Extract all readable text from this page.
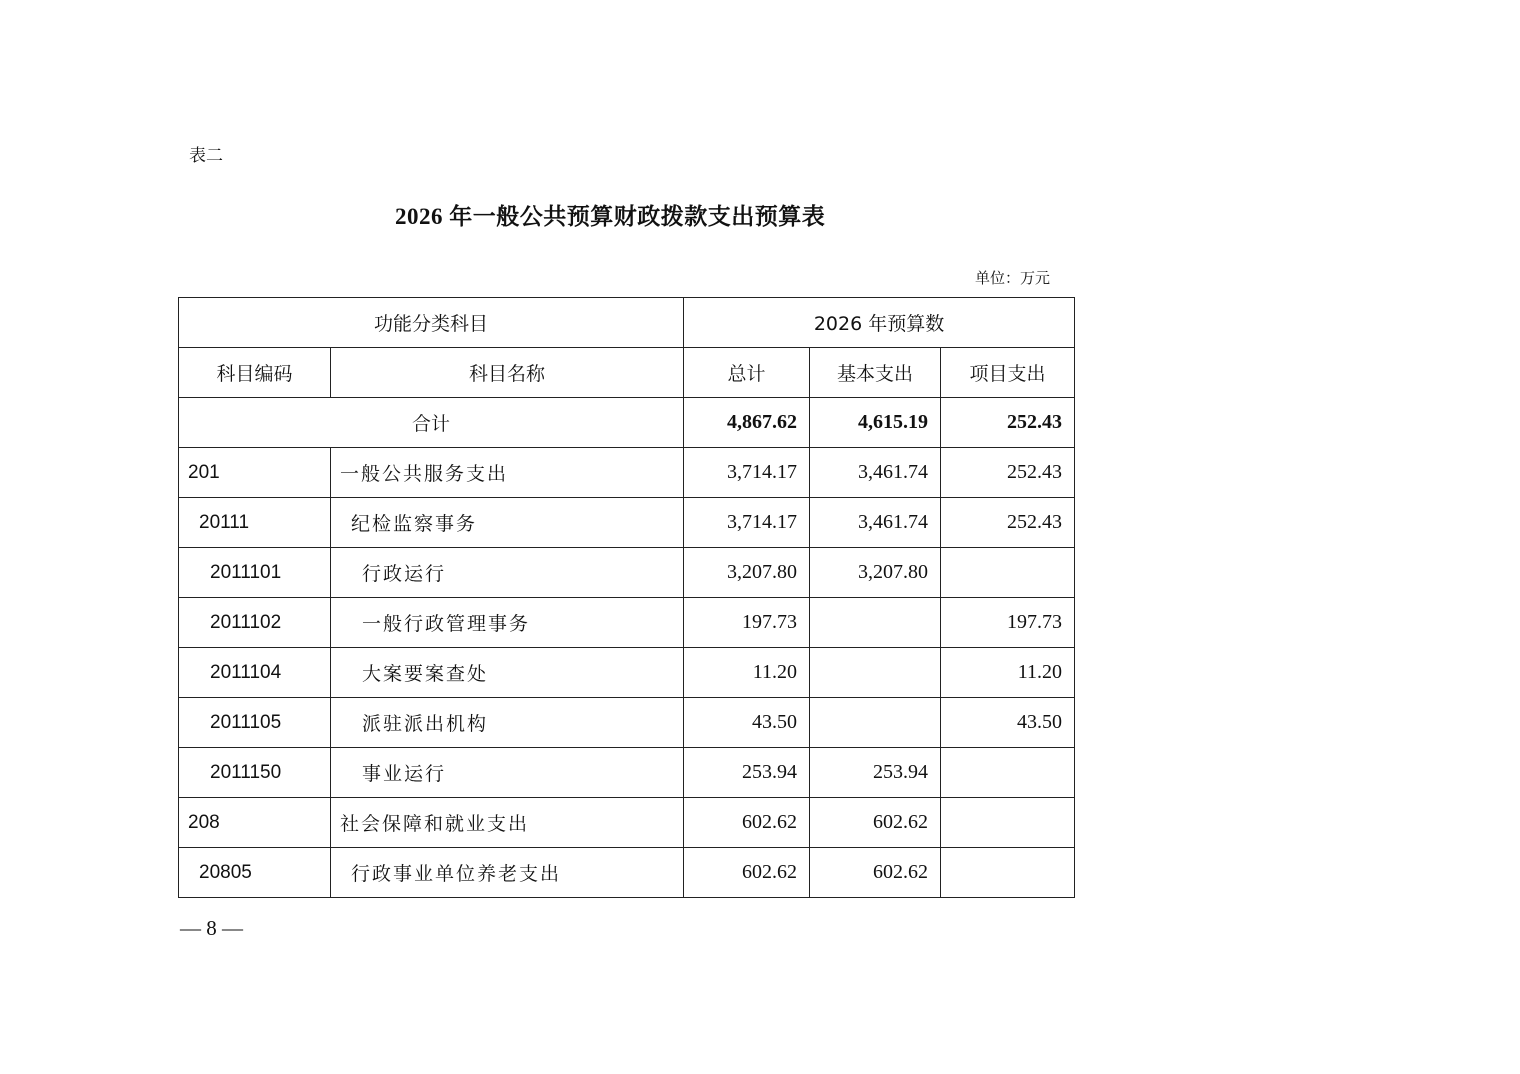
表二
2026 年一般公共预算财政拨款支出预算表
单位：万元
功能分类科目		2026 年预算数		
科目编码	科目名称	总计	基本支出	项目支出
合计		4,867.62	4,615.19	252.43
201	一般公共服务支出	3,714.17	3,461.74	252.43
20111	纪检监察事务	3,714.17	3,461.74	252.43
2011101	行政运行	3,207.80	3,207.80	
2011102	一般行政管理事务	197.73		197.73
2011104	大案要案查处	11.20		11.20
2011105	派驻派出机构	43.50		43.50
2011150	事业运行	253.94	253.94	
208	社会保障和就业支出	602.62	602.62	
20805	行政事业单位养老支出	602.62	602.62	
— 8 —
